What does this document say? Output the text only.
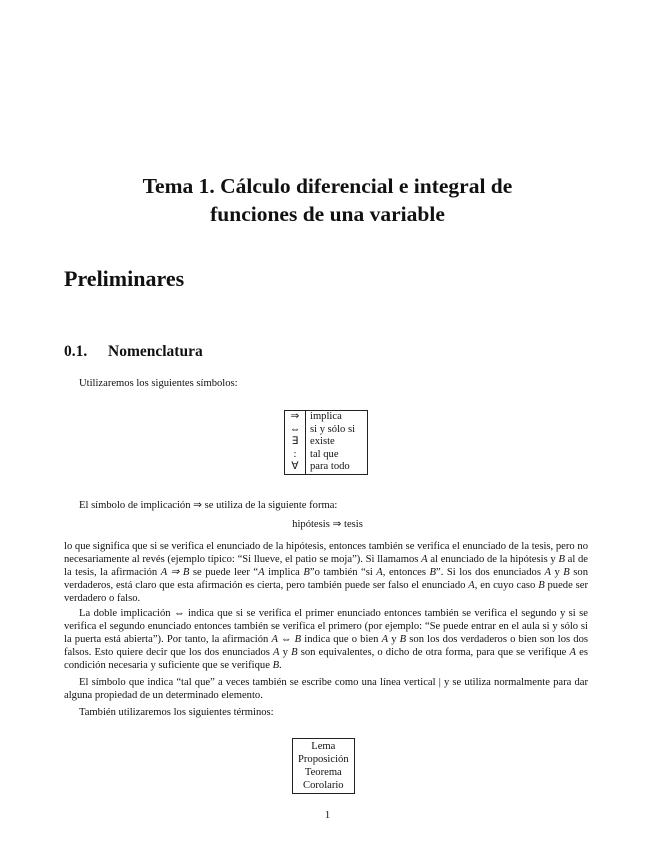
Tema 1. Cálculo diferencial e integral de
funciones de una variable
Preliminares
0.1. Nomenclatura
Utilizaremos los siguientes símbolos:
⇒	implica
⇔	si y sólo si
∃	existe
:	tal que
∀	para todo
El símbolo de implicación ⇒ se utiliza de la siguiente forma:
hipótesis ⇒ tesis
lo que significa que si se verifica el enunciado de la hipótesis, entonces también se verifica el enunciado de la tesis, pero no necesariamente al revés (ejemplo típico: “Si llueve, el patio se moja”). Si llamamos A al enunciado de la hipótesis y B al de la tesis, la afirmación A ⇒ B se puede leer “A implica B”o también “si A, entonces B”. Si los dos enunciados A y B son verdaderos, está claro que esta afirmación es cierta, pero también puede ser falso el enunciado A, en cuyo caso B puede ser verdadero o falso.
La doble implicación ⇔ indica que si se verifica el primer enunciado entonces también se verifica el segundo y si se verifica el segundo enunciado entonces también se verifica el primero (por ejemplo: “Se puede entrar en el aula si y sólo si la puerta está abierta”). Por tanto, la afirmación A ⇔ B indica que o bien A y B son los dos verdaderos o bien son los dos falsos. Esto quiere decir que los dos enunciados A y B son equivalentes, o dicho de otra forma, para que se verifique A es condición necesaria y suficiente que se verifique B.
El símbolo que indica “tal que” a veces también se escribe como una línea vertical | y se utiliza normalmente para dar alguna propiedad de un determinado elemento.
También utilizaremos los siguientes términos:
Lema
Proposición
Teorema
Corolario
1
